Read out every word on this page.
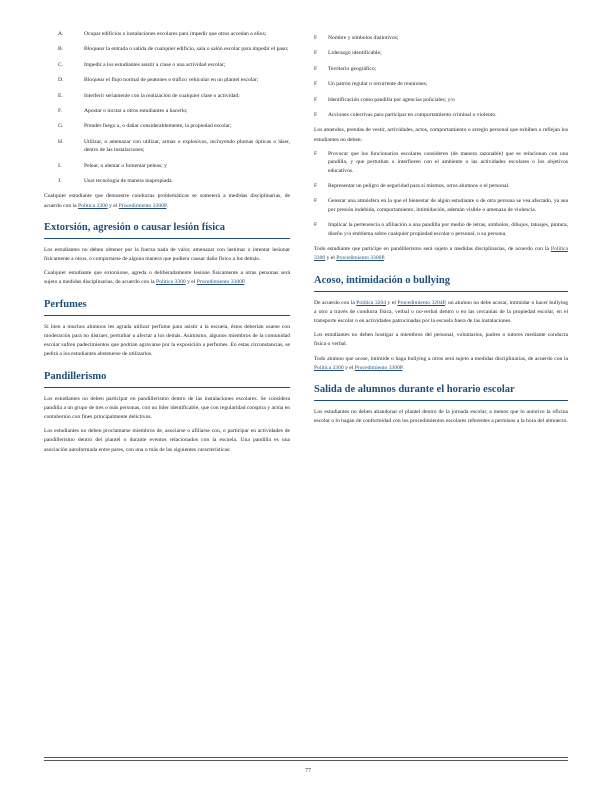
A.	Ocupar edificios o instalaciones escolares para impedir que otros accedan a ellos;
B.	Bloquear la entrada o salida de cualquier edificio, sala o salón escolar para impedir el paso;
C.	Impedir a los estudiantes asistir a clase o una actividad escolar;
D.	Bloquear el flujo normal de peatones o tráfico vehicular en un plantel escolar;
E.	Interferir seriamente con la realización de cualquier clase o actividad;
F.	Apostar o incitar a otros estudiantes a hacerlo;
G.	Prender fuego a, o dañar considerablemente, la propiedad escolar;
H.	Utilizar, o amenazar con utilizar, armas o explosivos, incluyendo plumas ópticas o láser, dentro de las instalaciones;
I.	Pelear, o alentar o fomentar peleas; y
J.	Usar tecnología de manera inapropiada.

Cualquier estudiante que demuestre conductas problemáticas se someterá a medidas disciplinarias, de acuerdo con la Política 3300 y el Procedimiento 3300P.

Extorsión, agresión o causar lesión física

Los estudiantes no deben obtener por la fuerza nada de valor, amenazar con lastimar o intentar lesionar físicamente a otros, o comportarse de alguna manera que pudiera causar daño físico a los demás.

Cualquier estudiante que extorsione, agreda o deliberadamente lesione físicamente a otras personas será sujeto a medidas disciplinarias, de acuerdo con la Política 3300 y el Procedimiento 3300P.

Perfumes

Si bien a muchos alumnos les agrada utilizar perfume para asistir a la escuela, éstos deberían usarse con moderación para no distraer, perturbar u afectar a los demás. Asimismo, algunos miembros de la comunidad escolar sufren padecimientos que podrían agravarse por la exposición a perfumes. En estas circunstancias, se pedirá a los estudiantes abstenerse de utilizarlos.

Pandillerismo

Los estudiantes no deben participar en pandillerismo dentro de las instalaciones escolares. Se considera pandilla a un grupo de tres o más personas, con un líder identificable, que con regularidad conspira y actúa en contubernio con fines principalmente delictivos.

Los estudiantes no deben proclamarse miembros de, asociarse o afiliarse con, o participar en actividades de pandillerismo dentro del plantel o durante eventos relacionados con la escuela. Una pandilla es una asociación autoformada entre pares, con una o más de las siguientes características:

F	Nombre y símbolos distintivos;
F	Liderazgo identificable;
F	Territorio geográfico;
F	Un patrón regular o recurrente de reuniones;
F	Identificación como pandilla por agencias policiales; y/o
F	Acciones colectivas para participar en comportamiento criminal o violento.

Los atuendos, prendas de vestir, actividades, actos, comportamiento o arreglo personal que exhiben o reflejan los estudiantes no deben:

F	Provocar que los funcionarios escolares consideren (de manera razonable) que se relacionan con una pandilla, y que perturban o interfieren con el ambiente o las actividades escolares o los objetivos educativos.
F	Representar un peligro de seguridad para sí mismos, otros alumnos o el personal.
F	Generar una atmósfera en la que el bienestar de algún estudiante o de otra persona se vea afectado, ya sea por presión indebida, comportamiento, intimidación, ademán visible o amenaza de violencia.
F	Implicar la pertenencia o afiliación a una pandilla por medio de letras, símbolos, dibujos, tatuajes, pintura, diseño y/o emblema sobre cualquier propiedad escolar o personal, o su persona.

Todo estudiante que participe en pandillerismo será sujeto a medidas disciplinarias, de acuerdo con la Política 3300 y el Procedimiento 3300P.

Acoso, intimidación o bullying

De acuerdo con la Política 3204 y el Procedimiento 3204P, un alumno no debe acosar, intimidar o hacer bullying a otro a través de conducta física, verbal o no-verbal dentro o en las cercanías de la propiedad escolar, en el transporte escolar o en actividades patrocinadas por la escuela fuera de las instalaciones.

Los estudiantes no deben hostigar a miembros del personal, voluntarios, padres o tutores mediante conducta física o verbal.

Todo alumno que acose, intimide o haga bullying a otros será sujeto a medidas disciplinarias, de acuerdo con la Política 3300 y el Procedimiento 3300P.

Salida de alumnos durante el horario escolar

Los estudiantes no deben abandonar el plantel dentro de la jornada escolar, a menos que lo autorice la oficina escolar o lo hagan de conformidad con los procedimientos escolares referentes a permisos a la hora del almuerzo.

77
